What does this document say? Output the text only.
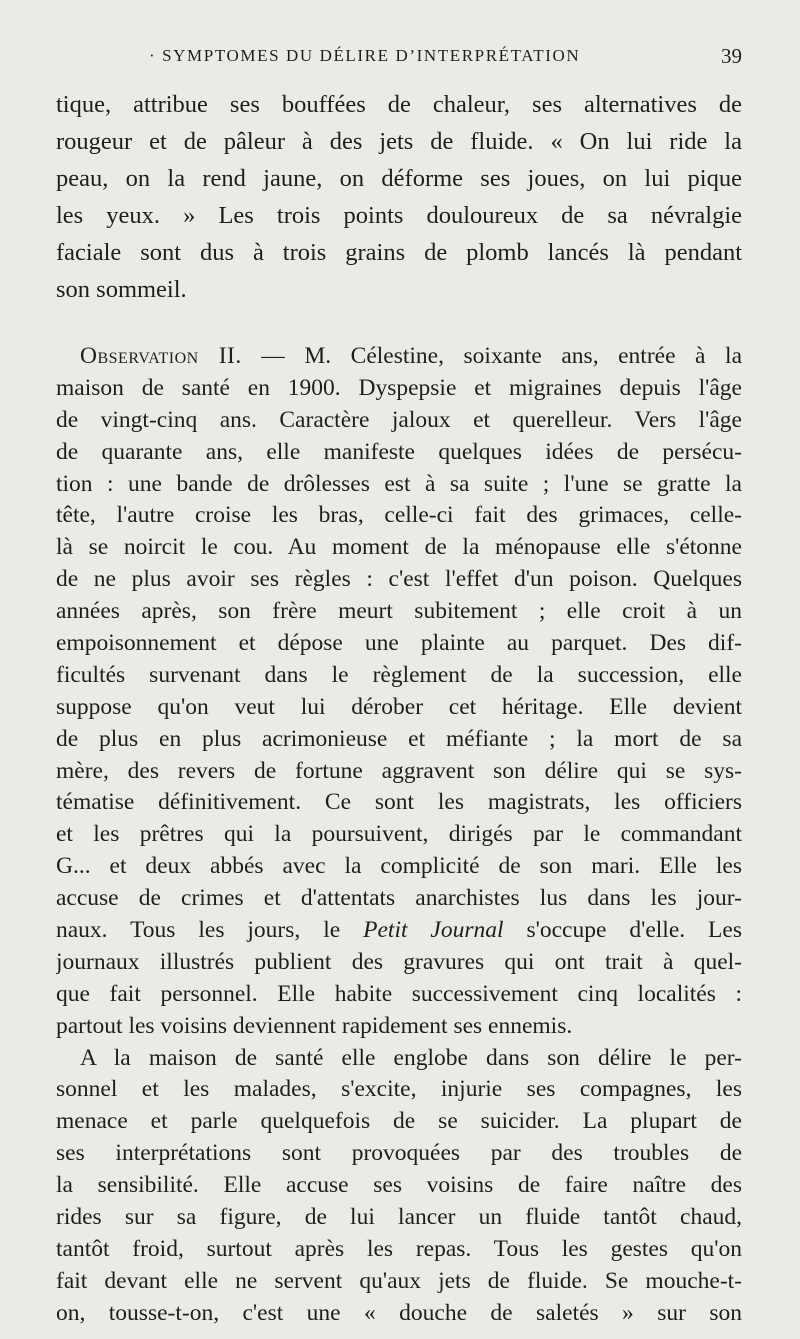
· SYMPTOMES DU DÉLIRE D’INTERPRÉTATION	39
tique, attribue ses bouffées de chaleur, ses alternatives de
rougeur et de pâleur à des jets de fluide. « On lui ride la
peau, on la rend jaune, on déforme ses joues, on lui pique
les yeux. » Les trois points douloureux de sa névralgie
faciale sont dus à trois grains de plomb lancés là pendant
son sommeil.
Observation II. — M. Célestine, soixante ans, entrée à la
maison de santé en 1900. Dyspepsie et migraines depuis l'âge
de vingt-cinq ans. Caractère jaloux et querelleur. Vers l'âge
de quarante ans, elle manifeste quelques idées de persécu-
tion : une bande de drôlesses est à sa suite ; l'une se gratte la
tête, l'autre croise les bras, celle-ci fait des grimaces, celle-
là se noircit le cou. Au moment de la ménopause elle s'étonne
de ne plus avoir ses règles : c'est l'effet d'un poison. Quelques
années après, son frère meurt subitement ; elle croit à un
empoisonnement et dépose une plainte au parquet. Des dif-
ficultés survenant dans le règlement de la succession, elle
suppose qu'on veut lui dérober cet héritage. Elle devient
de plus en plus acrimonieuse et méfiante ; la mort de sa
mère, des revers de fortune aggravent son délire qui se sys-
tématise définitivement. Ce sont les magistrats, les officiers
et les prêtres qui la poursuivent, dirigés par le commandant
G... et deux abbés avec la complicité de son mari. Elle les
accuse de crimes et d'attentats anarchistes lus dans les jour-
naux. Tous les jours, le Petit Journal s'occupe d'elle. Les
journaux illustrés publient des gravures qui ont trait à quel-
que fait personnel. Elle habite successivement cinq localités :
partout les voisins deviennent rapidement ses ennemis.
A la maison de santé elle englobe dans son délire le per-
sonnel et les malades, s'excite, injurie ses compagnes, les
menace et parle quelquefois de se suicider. La plupart de
ses interprétations sont provoquées par des troubles de
la sensibilité. Elle accuse ses voisins de faire naître des
rides sur sa figure, de lui lancer un fluide tantôt chaud,
tantôt froid, surtout après les repas. Tous les gestes qu'on
fait devant elle ne servent qu'aux jets de fluide. Se mouche-t-
on, tousse-t-on, c'est une « douche de saletés » sur son
